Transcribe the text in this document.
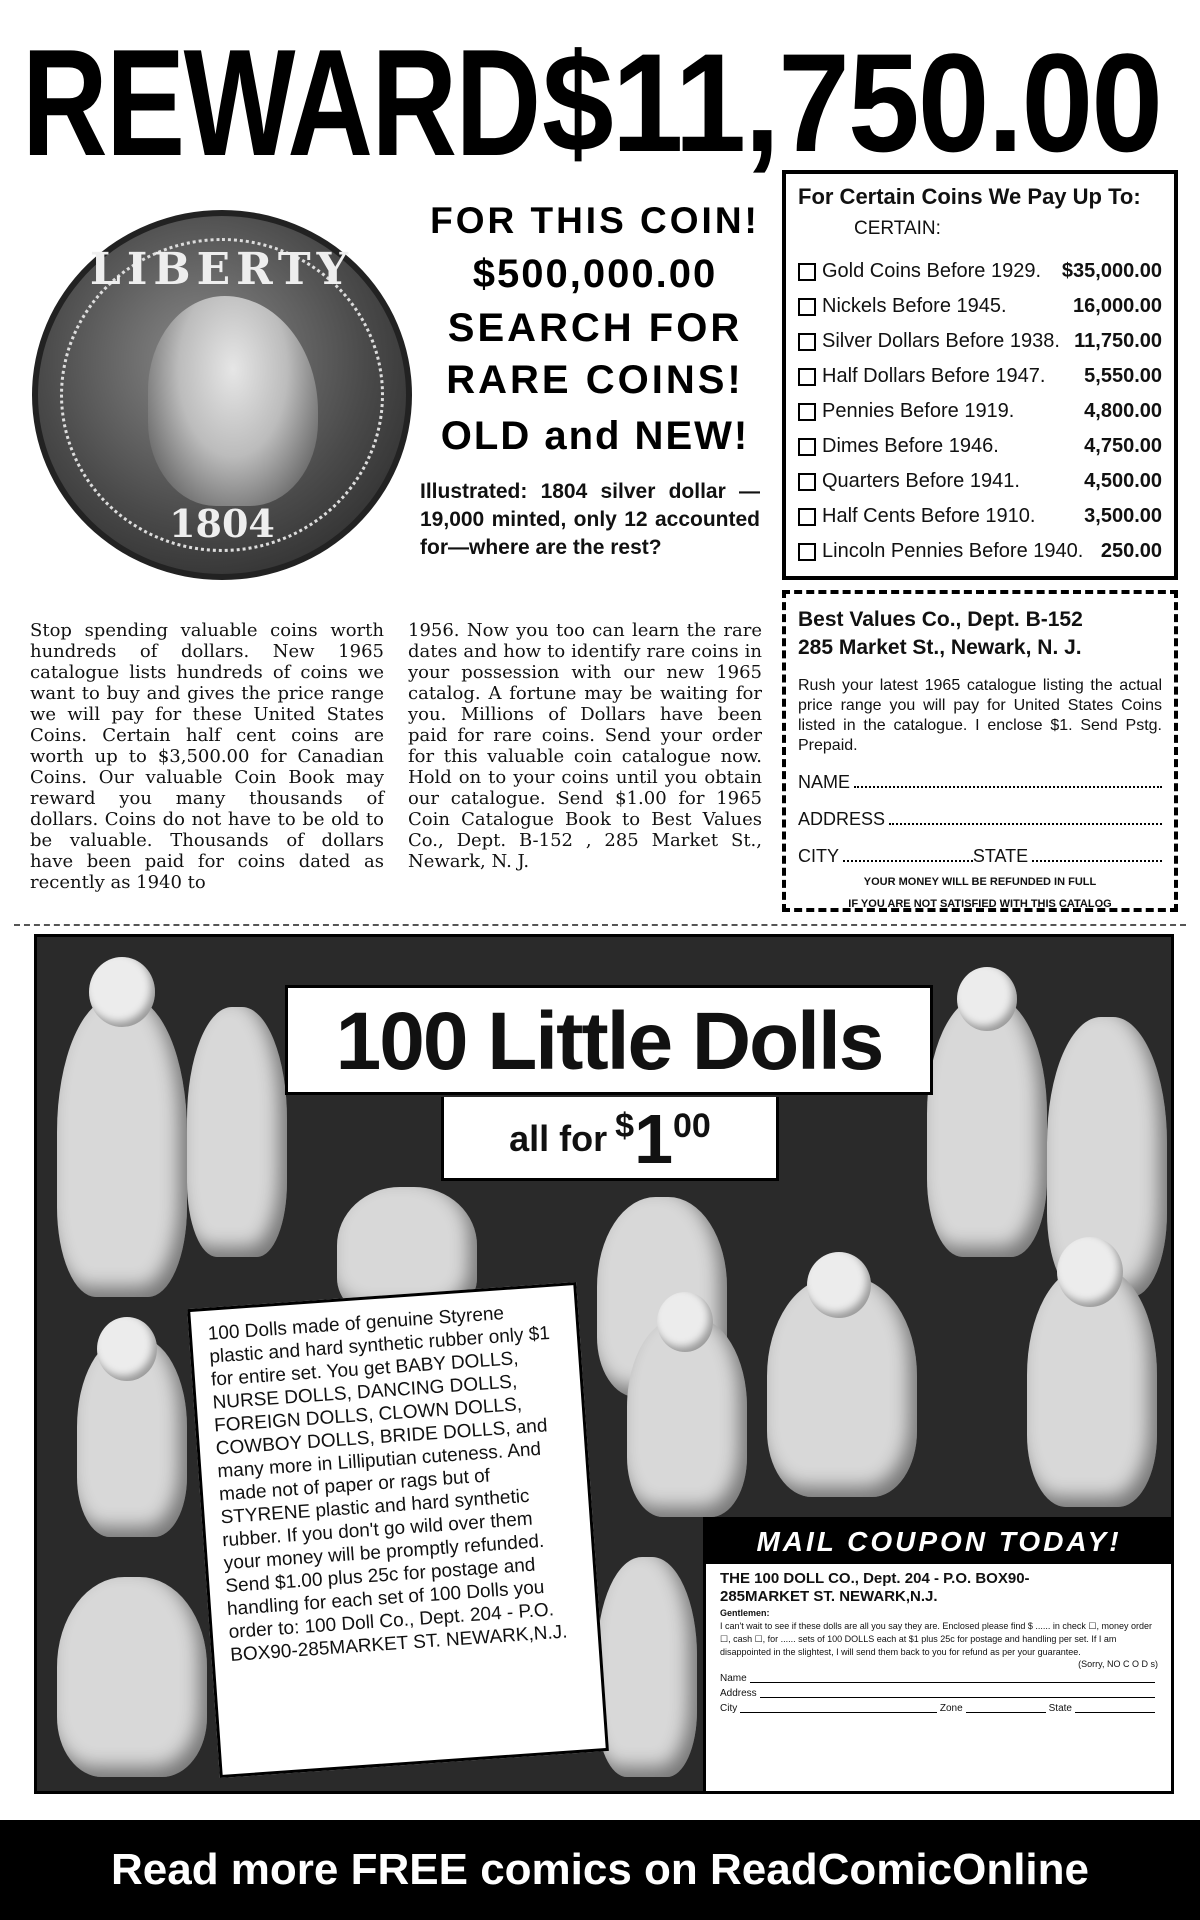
REWARD $11,750.00
LIBERTY
1804
FOR THIS COIN!
$500,000.00
SEARCH FOR
RARE COINS!
OLD and NEW!
Illustrated: 1804 silver dollar —19,000 minted, only 12 accounted for—where are the rest?
For Certain Coins We Pay Up To:
CERTAIN:
Gold Coins Before 1929.	$35,000.00
Nickels Before 1945.	16,000.00
Silver Dollars Before 1938. 11,750.00
Half Dollars Before 1947.	5,550.00
Pennies Before 1919.	4,800.00
Dimes Before 1946.	4,750.00
Quarters Before 1941.	4,500.00
Half Cents Before 1910.	3,500.00
Lincoln Pennies Before 1940. 250.00
Stop spending valuable coins worth hundreds of dollars. New 1965 catalogue lists hundreds of coins we want to buy and gives the price range we will pay for these United States Coins. Certain half cent coins are worth up to $3,500.00 for Canadian Coins. Our valuable Coin Book may reward you many thousands of dollars. Coins do not have to be old to be valuable. Thousands of dollars have been paid for coins dated as recently as 1940 to
1956. Now you too can learn the rare dates and how to identify rare coins in your possession with our new 1965 catalog. A fortune may be waiting for you. Millions of Dollars have been paid for rare coins. Send your order for this valuable coin catalogue now. Hold on to your coins until you obtain our catalogue. Send $1.00 for 1965 Coin Catalogue Book to Best Values Co., Dept. B-152 , 285 Market St., Newark, N. J.
Best Values Co., Dept. B-152
285 Market St., Newark, N. J.
Rush your latest 1965 catalogue listing the actual price range you will pay for United States Coins listed in the catalogue. I enclose $1. Send Pstg. Prepaid.
NAME
ADDRESS
CITY	STATE
YOUR MONEY WILL BE REFUNDED IN FULL
IF YOU ARE NOT SATISFIED WITH THIS CATALOG
100 Little Dolls
all for $100
100 Dolls made of genuine Styrene plastic and hard synthetic rubber only $1 for entire set. You get BABY DOLLS, NURSE DOLLS, DANCING DOLLS, FOREIGN DOLLS, CLOWN DOLLS, COWBOY DOLLS, BRIDE DOLLS, and many more in Lilliputian cuteness. And made not of paper or rags but of STYRENE plastic and hard synthetic rubber. If you don't go wild over them your money will be promptly refunded. Send $1.00 plus 25c for postage and handling for each set of 100 Dolls you order to: 100 Doll Co., Dept. 204 - P.O. BOX90-285MARKET ST. NEWARK,N.J.
MAIL COUPON TODAY!
THE 100 DOLL CO., Dept. 204 - P.O. BOX90-
285MARKET ST. NEWARK,N.J.
Gentlemen:
I can't wait to see if these dolls are all you say they are. Enclosed please find $ ...... in check ☐, money order ☐, cash ☐, for ...... sets of 100 DOLLS each at $1 plus 25c for postage and handling per set. If I am disappointed in the slightest, I will send them back to you for refund as per your guarantee.
(Sorry, NO C O D s)
Name
Address
City	Zone	State
Read more FREE comics on ReadComicOnline
